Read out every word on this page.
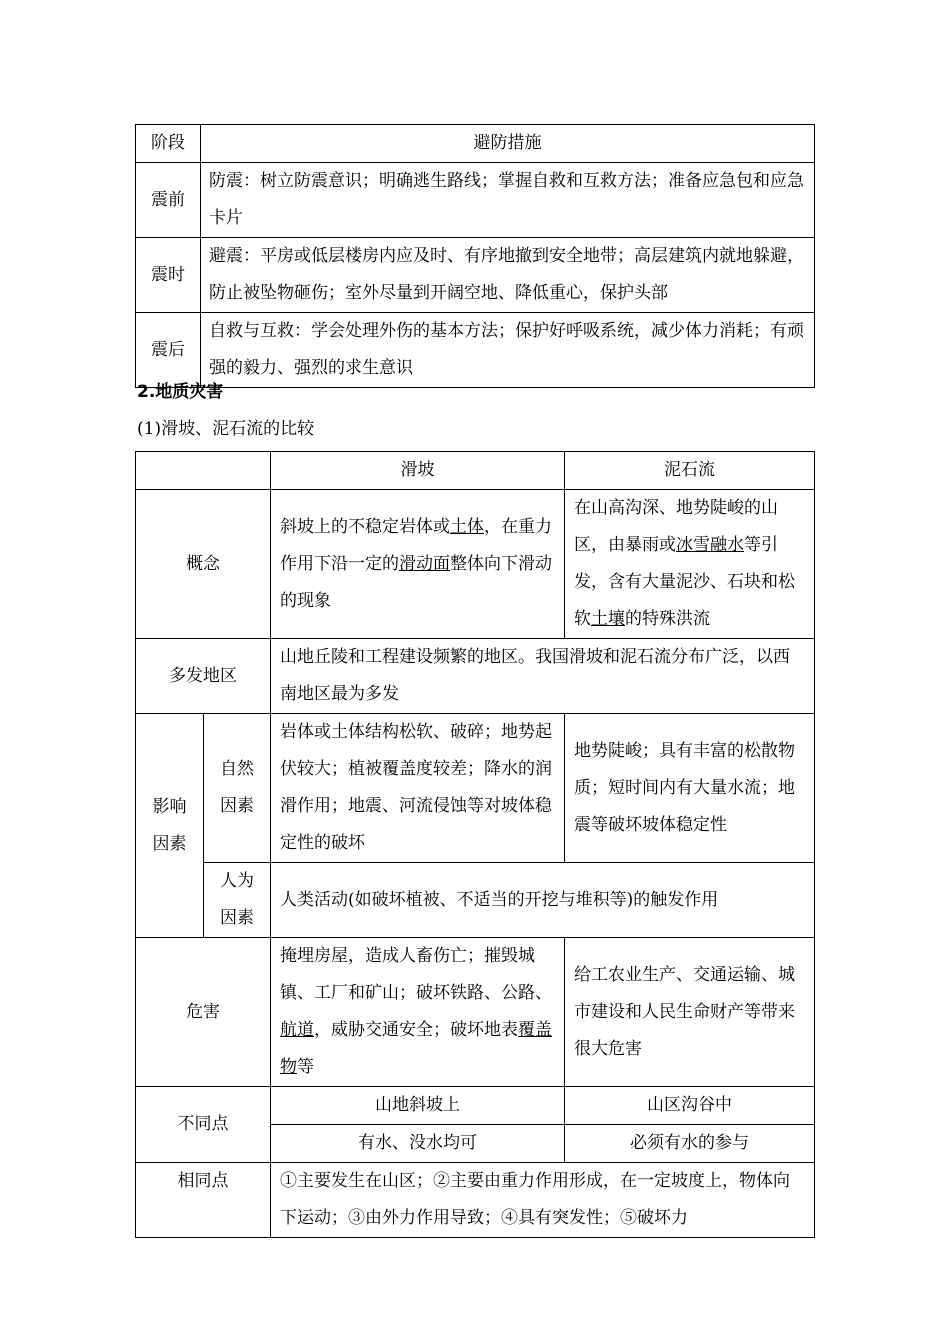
阶段	避防措施
震前	防震：树立防震意识；明确逃生路线；掌握自救和互救方法；准备应急包和应急卡片
震时	避震：平房或低层楼房内应及时、有序地撤到安全地带；高层建筑内就地躲避，防止被坠物砸伤；室外尽量到开阔空地、降低重心，保护头部
震后	自救与互救：学会处理外伤的基本方法；保护好呼吸系统，减少体力消耗；有顽强的毅力、强烈的求生意识
2.地质灾害
(1)滑坡、泥石流的比较
		滑坡	泥石流
概念		斜坡上的不稳定岩体或土体，在重力作用下沿一定的滑动面整体向下滑动的现象	在山高沟深、地势陡峻的山区，由暴雨或冰雪融水等引发，含有大量泥沙、石块和松软土壤的特殊洪流
多发地区		山地丘陵和工程建设频繁的地区。我国滑坡和泥石流分布广泛，以西南地区最为多发	
影响因素	自然因素	岩体或土体结构松软、破碎；地势起伏较大；植被覆盖度较差；降水的润滑作用；地震、河流侵蚀等对坡体稳定性的破坏	地势陡峻；具有丰富的松散物质；短时间内有大量水流；地震等破坏坡体稳定性
	人为因素	人类活动(如破坏植被、不适当的开挖与堆积等)的触发作用	
危害		掩埋房屋，造成人畜伤亡；摧毁城镇、工厂和矿山；破坏铁路、公路、航道，威胁交通安全；破坏地表覆盖物等	给工农业生产、交通运输、城市建设和人民生命财产等带来很大危害
不同点		山地斜坡上	山区沟谷中
		有水、没水均可	必须有水的参与
相同点		①主要发生在山区；②主要由重力作用形成，在一定坡度上，物体向下运动；③由外力作用导致；④具有突发性；⑤破坏力	
